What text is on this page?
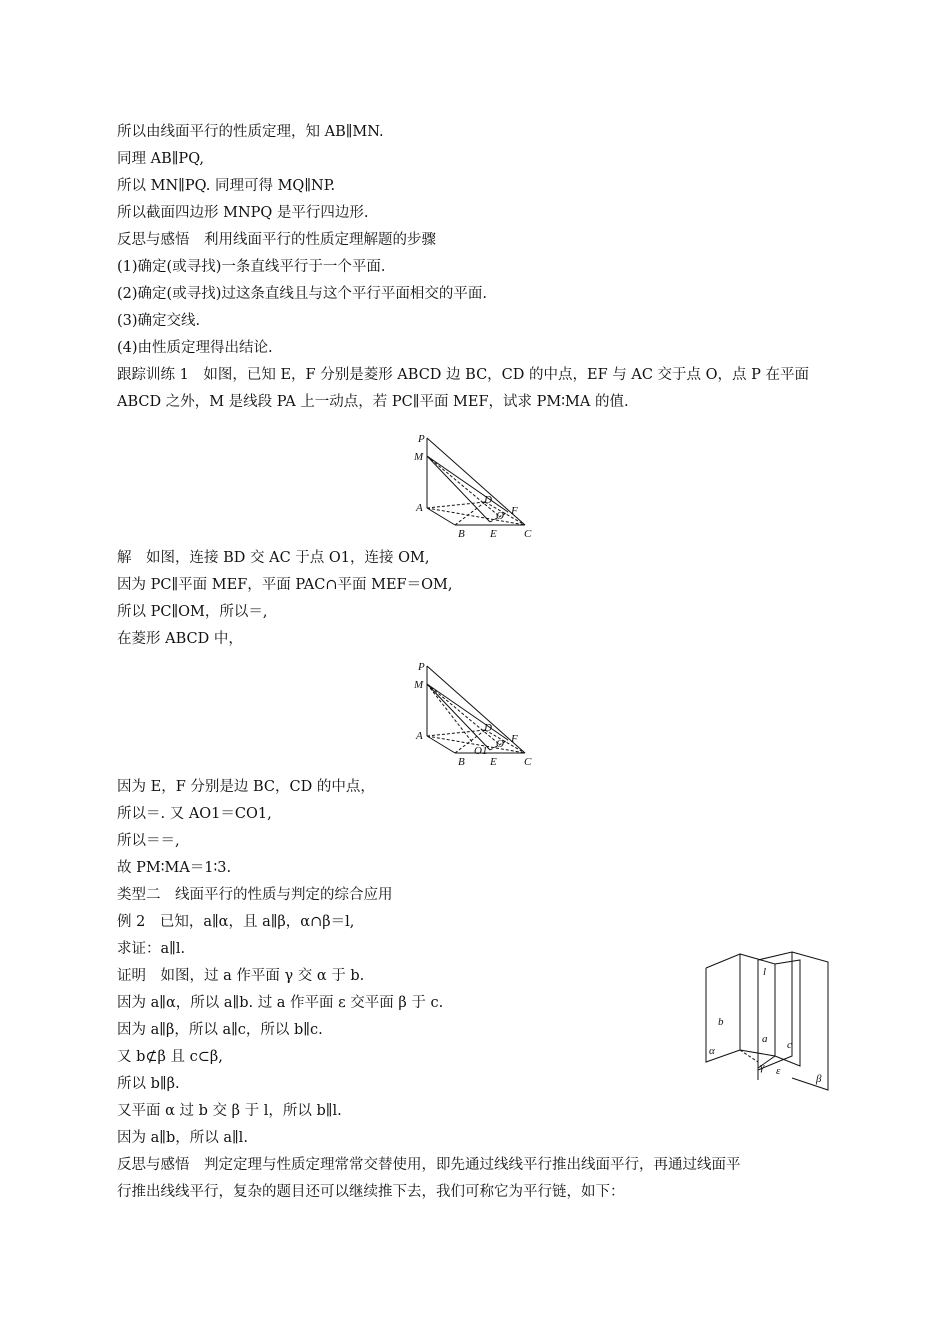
所以由线面平行的性质定理，知 AB∥MN.
同理 AB∥PQ,
所以 MN∥PQ. 同理可得 MQ∥NP.
所以截面四边形 MNPQ 是平行四边形.
反思与感悟　利用线面平行的性质定理解题的步骤
(1)确定(或寻找)一条直线平行于一个平面.
(2)确定(或寻找)过这条直线且与这个平行平面相交的平面.
(3)确定交线.
(4)由性质定理得出结论.
跟踪训练 1　如图，已知 E，F 分别是菱形 ABCD 边 BC，CD 的中点，EF 与 AC 交于点 O，点 P 在平面
ABCD 之外，M 是线段 PA 上一动点，若 PC∥平面 MEF，试求 PM∶MA 的值.
P
M
A
B E C
D
O F
解　如图，连接 BD 交 AC 于点 O1，连接 OM,
因为 PC∥平面 MEF，平面 PAC∩平面 MEF＝OM,
所以 PC∥OM，所以＝,
在菱形 ABCD 中，
P
M
A
B E C
D
O
O1
F
因为 E，F 分别是边 BC，CD 的中点，
所以＝. 又 AO1＝CO1,
所以＝＝,
故 PM∶MA＝1∶3.
类型二　线面平行的性质与判定的综合应用
例 2　已知，a∥α，且 a∥β，α∩β＝l,
求证：a∥l.
证明　如图，过 a 作平面 γ 交 α 于 b.
因为 a∥α，所以 a∥b. 过 a 作平面 ε 交平面 β 于 c.
因为 a∥β，所以 a∥c，所以 b∥c.
又 b⊄β 且 c⊂β,
所以 b∥β.
又平面 α 过 b 交 β 于 l，所以 b∥l.
因为 a∥b，所以 a∥l.
反思与感悟　判定定理与性质定理常常交替使用，即先通过线线平行推出线面平行，再通过线面平
行推出线线平行，复杂的题目还可以继续推下去，我们可称它为平行链，如下：
l
b
a c
α
γ ε
β
